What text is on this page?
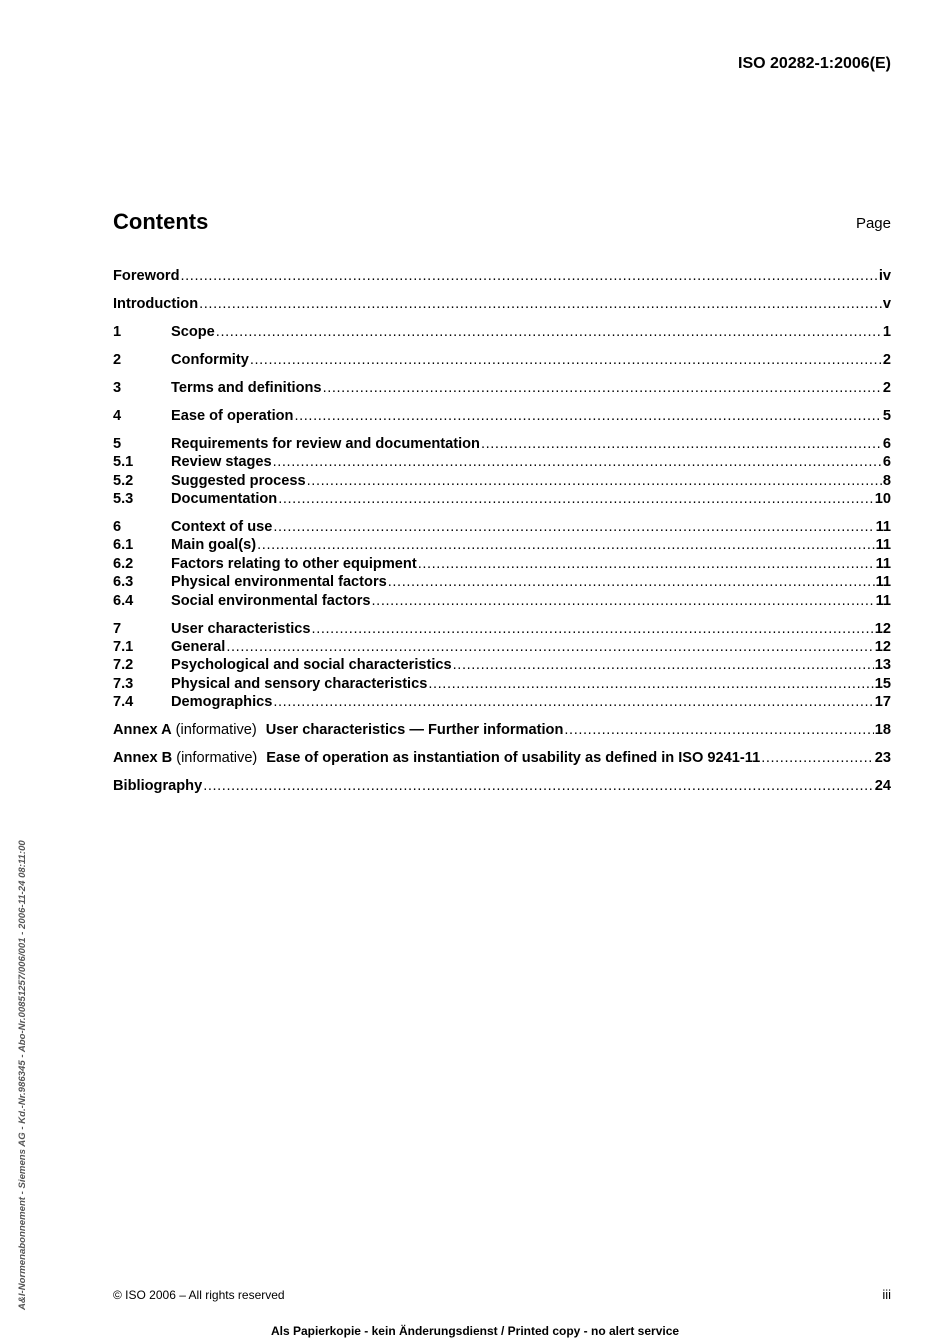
ISO 20282-1:2006(E)
Contents	Page
Foreword .....	iv
Introduction .....	v
1	Scope .....	1
2	Conformity .....	2
3	Terms and definitions .....	2
4	Ease of operation .....	5
5	Requirements for review and documentation .....	6
5.1	Review stages .....	6
5.2	Suggested process .....	8
5.3	Documentation .....	10
6	Context of use .....	11
6.1	Main goal(s) .....	11
6.2	Factors relating to other equipment .....	11
6.3	Physical environmental factors .....	11
6.4	Social environmental factors .....	11
7	User characteristics .....	12
7.1	General .....	12
7.2	Psychological and social characteristics .....	13
7.3	Physical and sensory characteristics .....	15
7.4	Demographics .....	17
Annex A (informative) User characteristics — Further information .....	18
Annex B (informative) Ease of operation as instantiation of usability as defined in ISO 9241-11 .....	23
Bibliography .....	24
© ISO 2006 – All rights reserved	iii
Als Papierkopie - kein Änderungsdienst / Printed copy - no alert service
A&I-Normenabonnement - Siemens AG - Kd.-Nr.986345 - Abo-Nr.00851257/006/001 - 2006-11-24 08:11:00
